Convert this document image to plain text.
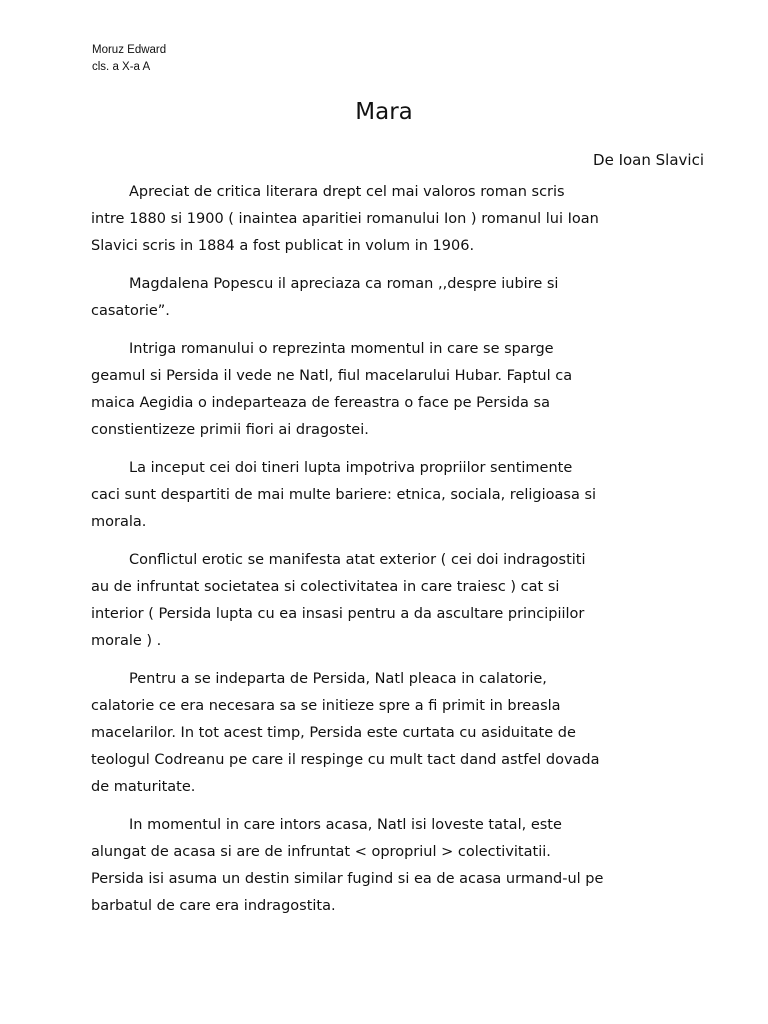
Moruz Edward
cls. a X-a A
Mara
De Ioan Slavici
Apreciat de critica literara drept cel mai valoros roman scris
intre 1880 si 1900 ( inaintea aparitiei romanului Ion ) romanul lui Ioan
Slavici scris in 1884 a fost publicat in volum in 1906.
Magdalena Popescu il apreciaza ca roman ,,despre iubire si
casatorie”.
Intriga romanului o reprezinta momentul in care se sparge
geamul si Persida il vede ne Natl, fiul macelarului Hubar. Faptul ca
maica Aegidia o indeparteaza de fereastra o face pe Persida sa
constientizeze primii fiori ai dragostei.
La inceput cei doi tineri lupta impotriva propriilor sentimente
caci sunt despartiti de mai multe bariere: etnica, sociala, religioasa si
morala.
Conflictul erotic se manifesta atat exterior ( cei doi indragostiti
au de infruntat societatea si colectivitatea in care traiesc ) cat si
interior ( Persida lupta cu ea insasi pentru a da ascultare principiilor
morale ) .
Pentru a se indeparta de Persida, Natl pleaca in calatorie,
calatorie ce era necesara sa se initieze spre a fi primit in breasla
macelarilor. In tot acest timp, Persida este curtata cu asiduitate de
teologul Codreanu pe care il respinge cu mult tact dand astfel dovada
de maturitate.
In momentul in care intors acasa, Natl isi loveste tatal, este
alungat de acasa si are de infruntat < opropriul > colectivitatii.
Persida isi asuma un destin similar fugind si ea de acasa urmand-ul pe
barbatul de care era indragostita.
